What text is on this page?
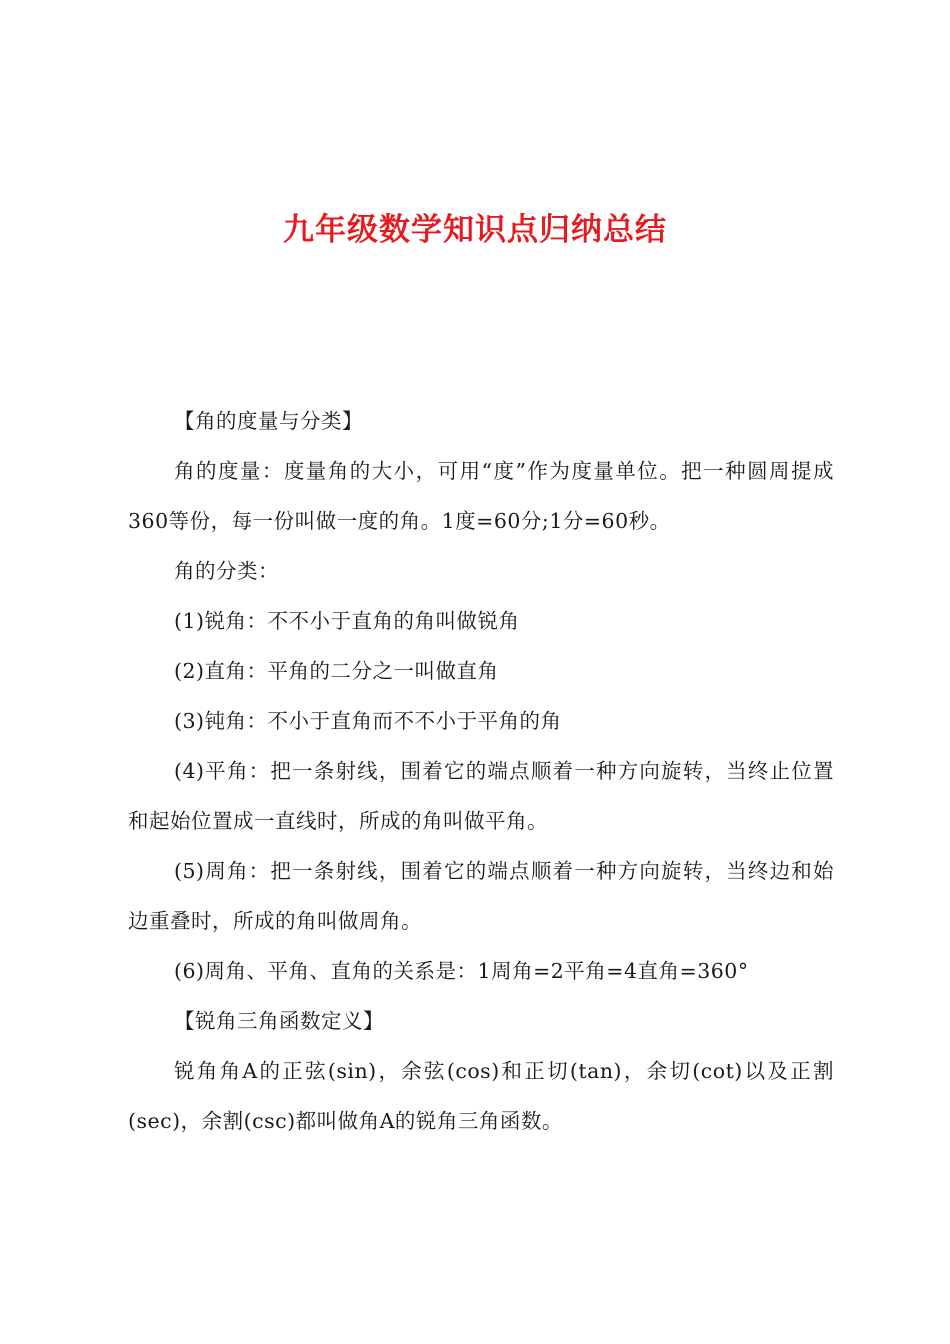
九年级数学知识点归纳总结

【角的度量与分类】

角的度量：度量角的大小，可用“度”作为度量单位。把一种圆周提成360等份，每一份叫做一度的角。1度=60分;1分=60秒。

角的分类：

(1)锐角：不不小于直角的角叫做锐角

(2)直角：平角的二分之一叫做直角

(3)钝角：不小于直角而不不小于平角的角

(4)平角：把一条射线，围着它的端点顺着一种方向旋转，当终止位置和起始位置成一直线时，所成的角叫做平角。

(5)周角：把一条射线，围着它的端点顺着一种方向旋转，当终边和始边重叠时，所成的角叫做周角。

(6)周角、平角、直角的关系是：1周角=2平角=4直角=360°

【锐角三角函数定义】

锐角角A的正弦(sin)，余弦(cos)和正切(tan)，余切(cot)以及正割(sec)，余割(csc)都叫做角A的锐角三角函数。
